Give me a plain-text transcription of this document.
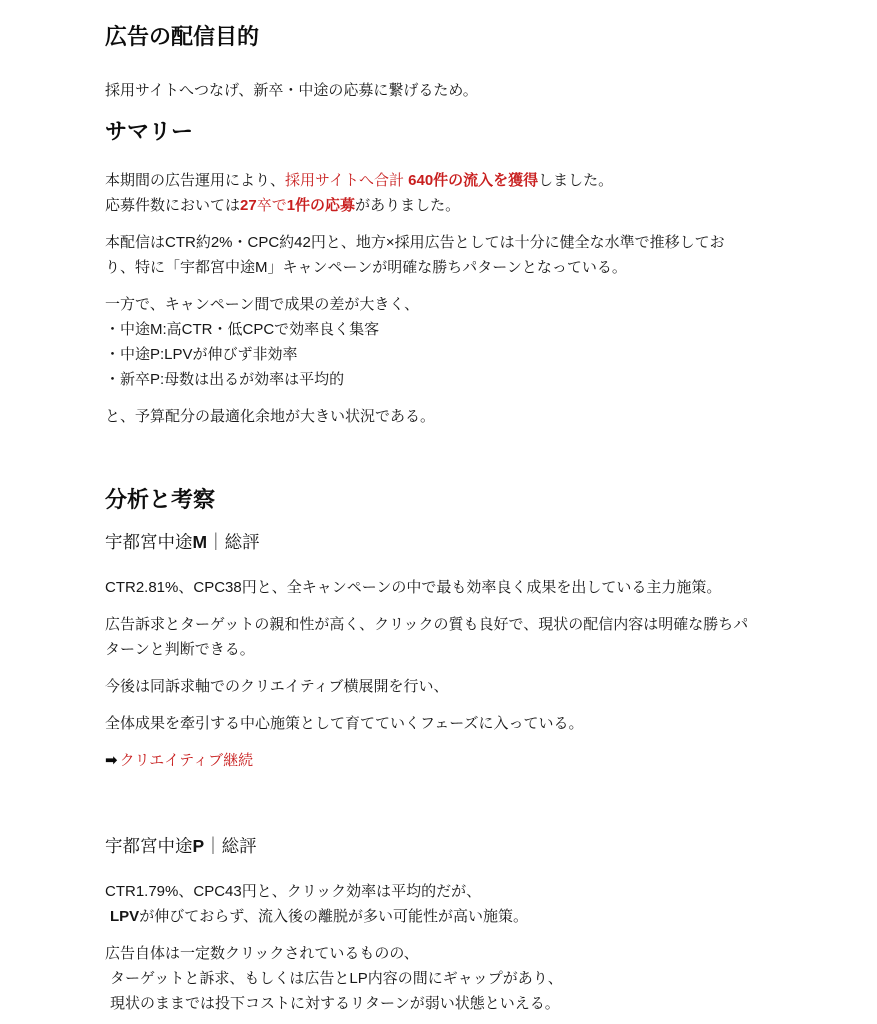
広告の配信目的

採用サイトへつなげ、新卒・中途の応募に繋げるため。

サマリー

本期間の広告運用により、採用サイトへ合計 640件の流入を獲得しました。
応募件数においては27卒で1件の応募がありました。

本配信はCTR約2%・CPC約42円と、地方×採用広告としては十分に健全な水準で推移してお
り、特に「宇都宮中途M」キャンペーンが明確な勝ちパターンとなっている。

一方で、キャンペーン間で成果の差が大きく、
・中途M:高CTR・低CPCで効率良く集客
・中途P:LPVが伸びず非効率
・新卒P:母数は出るが効率は平均的

と、予算配分の最適化余地が大きい状況である。

分析と考察
宇都宮中途M｜総評

CTR2.81%、CPC38円と、全キャンペーンの中で最も効率良く成果を出している主力施策。

広告訴求とターゲットの親和性が高く、クリックの質も良好で、現状の配信内容は明確な勝ちパ
ターンと判断できる。

今後は同訴求軸でのクリエイティブ横展開を行い、

全体成果を牽引する中心施策として育てていくフェーズに入っている。

➡ クリエイティブ継続

宇都宮中途P｜総評

CTR1.79%、CPC43円と、クリック効率は平均的だが、
LPVが伸びておらず、流入後の離脱が多い可能性が高い施策。

広告自体は一定数クリックされているものの、
ターゲットと訴求、もしくは広告とLP内容の間にギャップがあり、
現状のままでは投下コストに対するリターンが弱い状態といえる。
